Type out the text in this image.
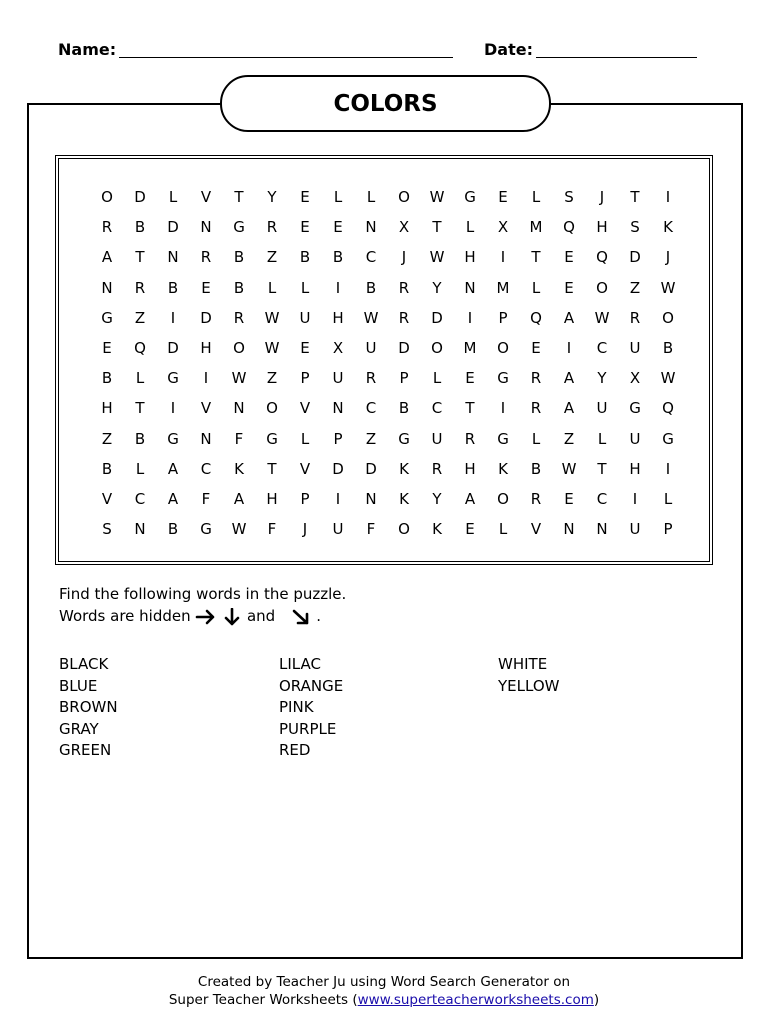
Name:	Date:
COLORS
O	D	L	V	T	Y	E	L	L	O	W	G	E	L	S	J	T	I
R	B	D	N	G	R	E	E	N	X	T	L	X	M	Q	H	S	K
A	T	N	R	B	Z	B	B	C	J	W	H	I	T	E	Q	D	J
N	R	B	E	B	L	L	I	B	R	Y	N	M	L	E	O	Z	W
G	Z	I	D	R	W	U	H	W	R	D	I	P	Q	A	W	R	O
E	Q	D	H	O	W	E	X	U	D	O	M	O	E	I	C	U	B
B	L	G	I	W	Z	P	U	R	P	L	E	G	R	A	Y	X	W
H	T	I	V	N	O	V	N	C	B	C	T	I	R	A	U	G	Q
Z	B	G	N	F	G	L	P	Z	G	U	R	G	L	Z	L	U	G
B	L	A	C	K	T	V	D	D	K	R	H	K	B	W	T	H	I
V	C	A	F	A	H	P	I	N	K	Y	A	O	R	E	C	I	L
S	N	B	G	W	F	J	U	F	O	K	E	L	V	N	N	U	P
Find the following words in the puzzle.
Words are hidden	and	.
BLACK
BLUE
BROWN
GRAY
GREEN
LILAC
ORANGE
PINK
PURPLE
RED
WHITE
YELLOW
Created by Teacher Ju using Word Search Generator on
Super Teacher Worksheets (www.superteacherworksheets.com)
